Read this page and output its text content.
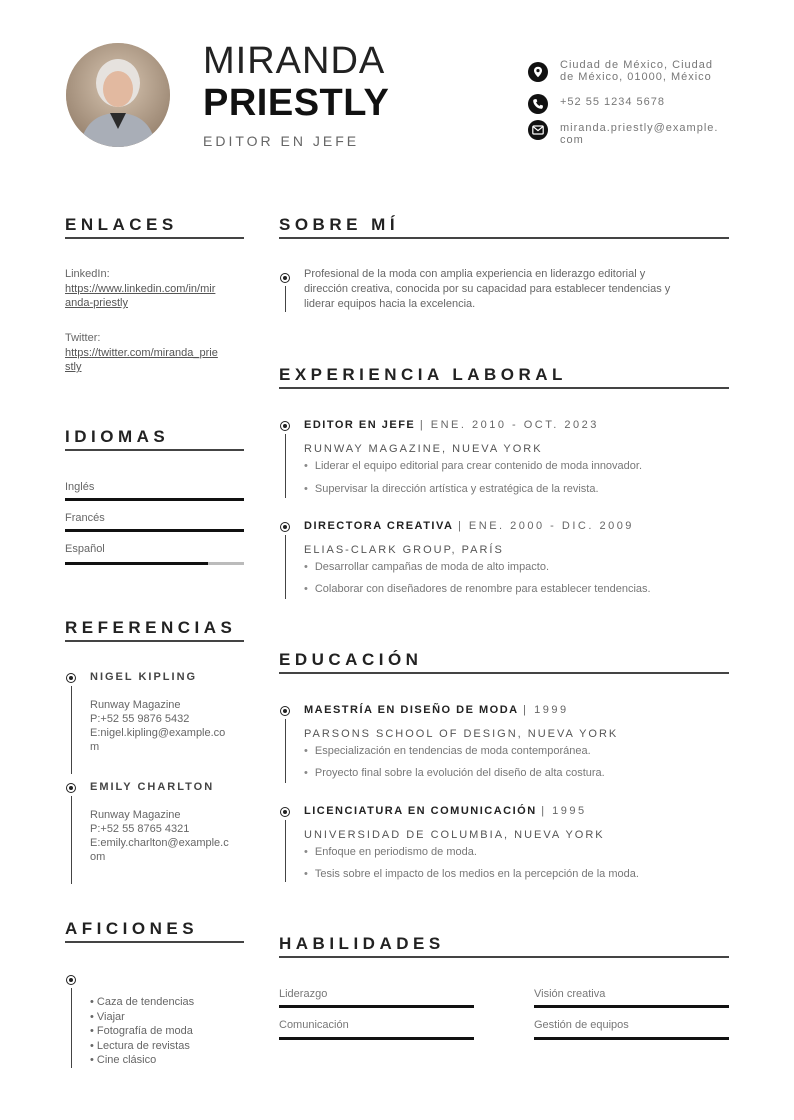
MIRANDA
PRIESTLY
EDITOR EN JEFE
Ciudad de México, Ciudad
de México, 01000, México
+52 55 1234 5678
miranda.priestly@example.
com
ENLACES
LinkedIn:
https://www.linkedin.com/in/mir
anda-priestly
Twitter:
https://twitter.com/miranda_prie
stly
IDIOMAS
Inglés
Francés
Español
REFERENCIAS
NIGEL KIPLING
Runway Magazine
P:+52 55 9876 5432
E:nigel.kipling@example.co
m
EMILY CHARLTON
Runway Magazine
P:+52 55 8765 4321
E:emily.charlton@example.c
om
AFICIONES
• Caza de tendencias
• Viajar
• Fotografía de moda
• Lectura de revistas
• Cine clásico
SOBRE MÍ
Profesional de la moda con amplia experiencia en liderazgo editorial y
dirección creativa, conocida por su capacidad para establecer tendencias y
liderar equipos hacia la excelencia.
EXPERIENCIA LABORAL
EDITOR EN JEFE | ENE. 2010 - OCT. 2023
RUNWAY MAGAZINE, NUEVA YORK
• Liderar el equipo editorial para crear contenido de moda innovador.
• Supervisar la dirección artística y estratégica de la revista.
DIRECTORA CREATIVA | ENE. 2000 - DIC. 2009
ELIAS-CLARK GROUP, PARÍS
• Desarrollar campañas de moda de alto impacto.
• Colaborar con diseñadores de renombre para establecer tendencias.
EDUCACIÓN
MAESTRÍA EN DISEÑO DE MODA | 1999
PARSONS SCHOOL OF DESIGN, NUEVA YORK
• Especialización en tendencias de moda contemporánea.
• Proyecto final sobre la evolución del diseño de alta costura.
LICENCIATURA EN COMUNICACIÓN | 1995
UNIVERSIDAD DE COLUMBIA, NUEVA YORK
• Enfoque en periodismo de moda.
• Tesis sobre el impacto de los medios en la percepción de la moda.
HABILIDADES
Liderazgo	Visión creativa
Comunicación	Gestión de equipos
